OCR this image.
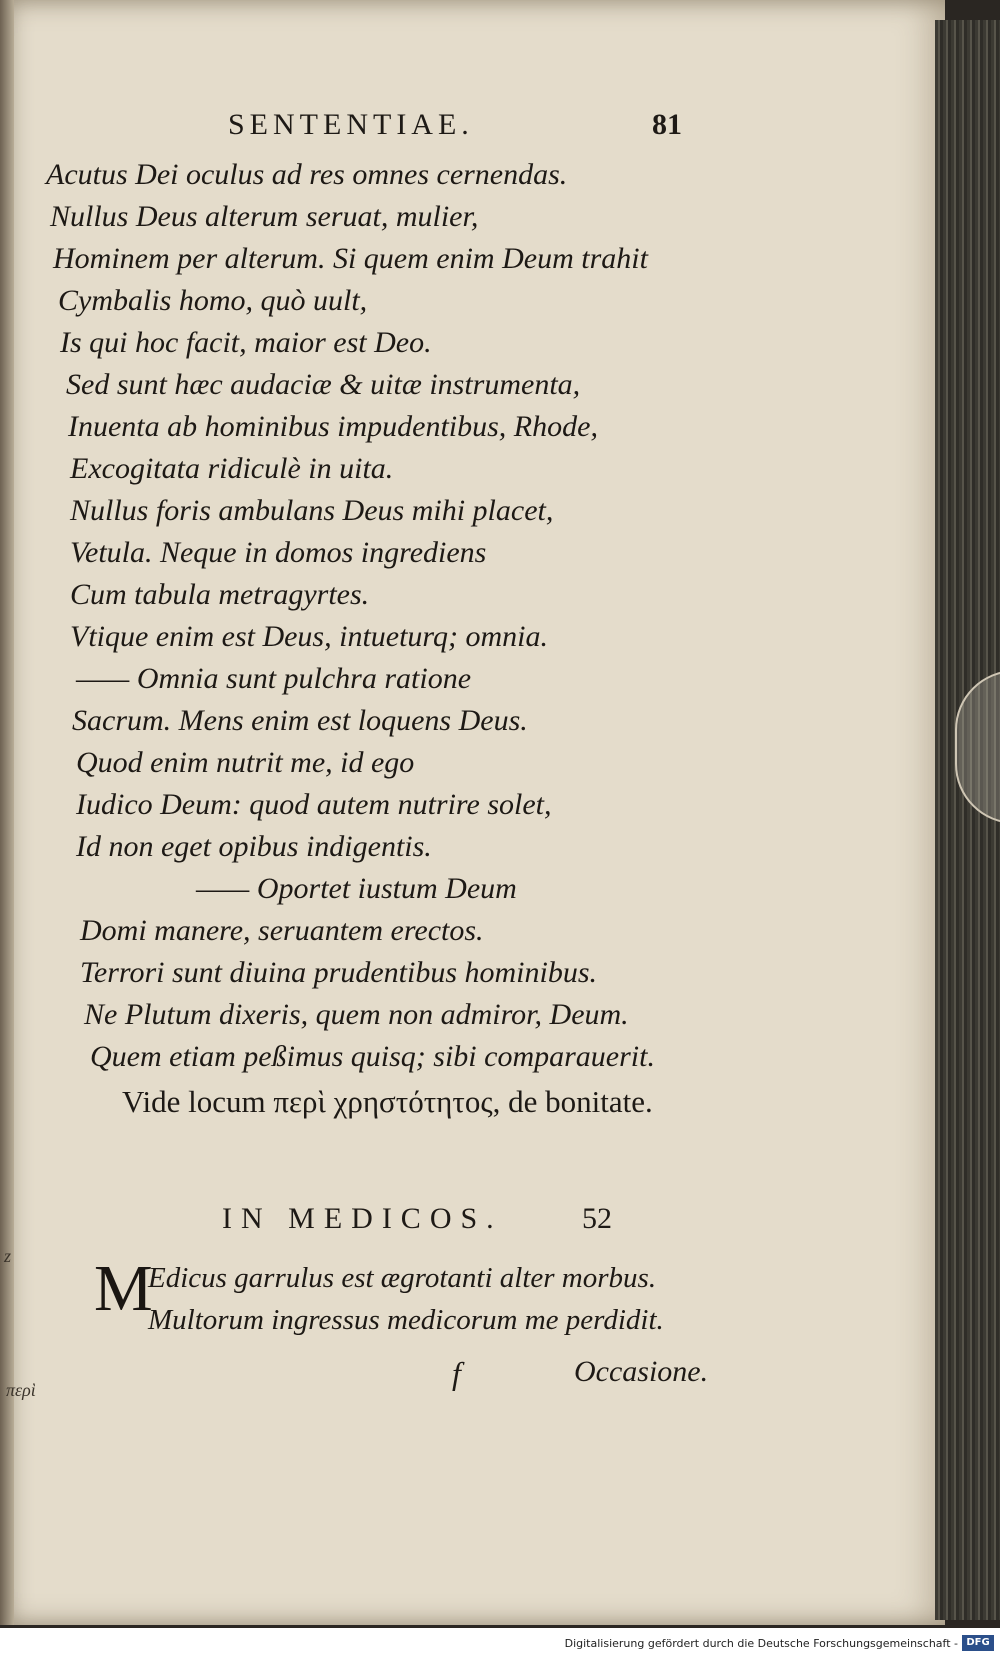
SENTENTIAE.	81
Acutus Dei oculus ad res omnes cernendas.
Nullus Deus alterum seruat, mulier,
Hominem per alterum. Si quem enim Deum trahit
Cymbalis homo, quò uult,
Is qui hoc facit, maior est Deo.
Sed sunt hæc audaciæ & uitæ instrumenta,
Inuenta ab hominibus impudentibus, Rhode,
Excogitata ridiculè in uita.
Nullus foris ambulans Deus mihi placet,
Vetula. Neque in domos ingrediens
Cum tabula metragyrtes.
Vtique enim est Deus, intueturq; omnia.
—— Omnia sunt pulchra ratione
Sacrum. Mens enim est loquens Deus.
Quod enim nutrit me, id ego
Iudico Deum: quod autem nutrire solet,
Id non eget opibus indigentis.
—— Oportet iustum Deum
Domi manere, seruantem erectos.
Terrori sunt diuina prudentibus hominibus.
Ne Plutum dixeris, quem non admiror, Deum.
Quem etiam peßimus quisq; sibi comparauerit.
Vide locum περὶ χρηστότητος, de bonitate.
IN MEDICOS.	52
M
Edicus garrulus est ægrotanti alter morbus.
Multorum ingressus medicorum me perdidit.
f	Occasione.
z
περὶ
Digitalisierung gefördert durch die Deutsche Forschungsgemeinschaft - DFG
